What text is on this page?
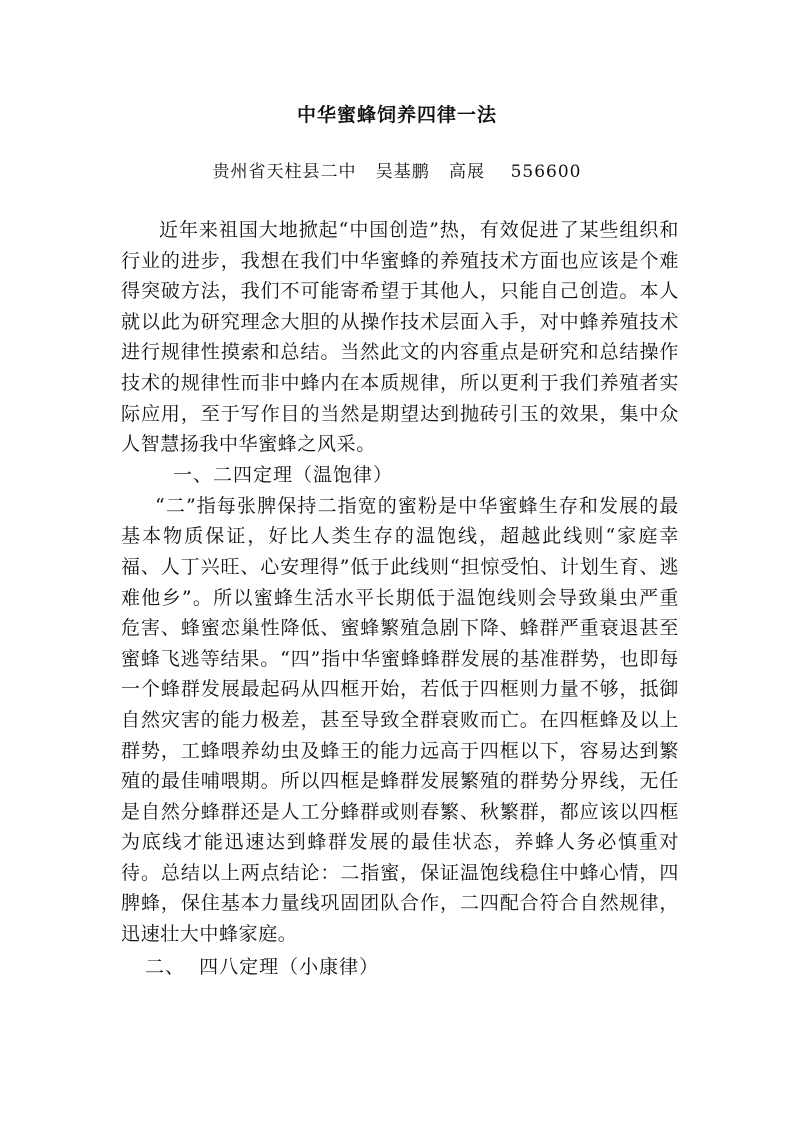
中华蜜蜂饲养四律一法

贵州省天柱县二中   吴基鹏   高展    556600

近年来祖国大地掀起“中国创造”热，有效促进了某些组织和行业的进步，我想在我们中华蜜蜂的养殖技术方面也应该是个难得突破方法，我们不可能寄希望于其他人，只能自己创造。本人就以此为研究理念大胆的从操作技术层面入手，对中蜂养殖技术进行规律性摸索和总结。当然此文的内容重点是研究和总结操作技术的规律性而非中蜂内在本质规律，所以更利于我们养殖者实际应用，至于写作目的当然是期望达到抛砖引玉的效果，集中众人智慧扬我中华蜜蜂之风采。

一、二四定理（温饱律）

“二”指每张脾保持二指宽的蜜粉是中华蜜蜂生存和发展的最基本物质保证，好比人类生存的温饱线，超越此线则“家庭幸福、人丁兴旺、心安理得”低于此线则“担惊受怕、计划生育、逃难他乡”。所以蜜蜂生活水平长期低于温饱线则会导致巢虫严重危害、蜂蜜恋巢性降低、蜜蜂繁殖急剧下降、蜂群严重衰退甚至蜜蜂飞逃等结果。“四”指中华蜜蜂蜂群发展的基准群势，也即每一个蜂群发展最起码从四框开始，若低于四框则力量不够，抵御自然灾害的能力极差，甚至导致全群衰败而亡。在四框蜂及以上群势，工蜂喂养幼虫及蜂王的能力远高于四框以下，容易达到繁殖的最佳哺喂期。所以四框是蜂群发展繁殖的群势分界线，无任是自然分蜂群还是人工分蜂群或则春繁、秋繁群，都应该以四框为底线才能迅速达到蜂群发展的最佳状态，养蜂人务必慎重对待。总结以上两点结论：二指蜜，保证温饱线稳住中蜂心情，四脾蜂，保住基本力量线巩固团队合作，二四配合符合自然规律，迅速壮大中蜂家庭。

二、  四八定理（小康律）
